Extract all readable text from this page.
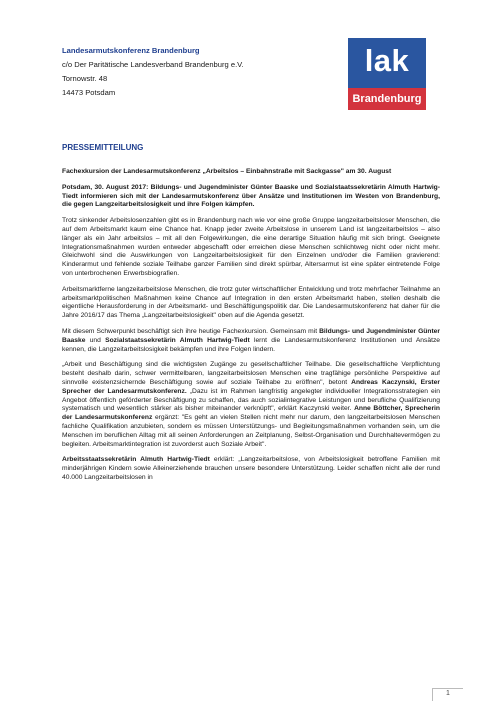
Landesarmutskonferenz Brandenburg
c/o Der Paritätische Landesverband Brandenburg e.V.
Tornowstr. 48
14473 Potsdam
lak
Brandenburg
PRESSEMITTEILUNG

Fachexkursion der Landesarmutskonferenz „Arbeitslos – Einbahnstraße mit Sackgasse" am 30. August

Potsdam, 30. August 2017: Bildungs- und Jugendminister Günter Baaske und Sozialstaatssekretärin Almuth Hartwig-Tiedt informieren sich mit der Landesarmutskonferenz über Ansätze und Institutionen im Westen von Brandenburg, die gegen Langzeitarbeitslosigkeit und ihre Folgen kämpfen.

Trotz sinkender Arbeitslosenzahlen gibt es in Brandenburg nach wie vor eine große Gruppe langzeitarbeitsloser Menschen, die auf dem Arbeitsmarkt kaum eine Chance hat. Knapp jeder zweite Arbeitslose in unserem Land ist langzeitarbeitslos – also länger als ein Jahr arbeitslos – mit all den Folgewirkungen, die eine derartige Situation häufig mit sich bringt. Geeignete Integrationsmaßnahmen wurden entweder abgeschafft oder erreichen diese Menschen schlichtweg nicht oder nicht mehr. Gleichwohl sind die Auswirkungen von Langzeitarbeitslosigkeit für den Einzelnen und/oder die Familien gravierend: Kinderarmut und fehlende soziale Teilhabe ganzer Familien sind direkt spürbar, Altersarmut ist eine später eintretende Folge von unterbrochenen Erwerbsbiografien.

Arbeitsmarktferne langzeitarbeitslose Menschen, die trotz guter wirtschaftlicher Entwicklung und trotz mehrfacher Teilnahme an arbeitsmarktpolitischen Maßnahmen keine Chance auf Integration in den ersten Arbeitsmarkt haben, stellen deshalb die eigentliche Herausforderung in der Arbeitsmarkt- und Beschäftigungspolitik dar. Die Landesarmutskonferenz hat daher für die Jahre 2016/17 das Thema „Langzeitarbeitslosigkeit" oben auf die Agenda gesetzt.

Mit diesem Schwerpunkt beschäftigt sich ihre heutige Fachexkursion. Gemeinsam mit Bildungs- und Jugendminister Günter Baaske und Sozialstaatssekretärin Almuth Hartwig-Tiedt lernt die Landesarmutskonferenz Institutionen und Ansätze kennen, die Langzeitarbeitslosigkeit bekämpfen und ihre Folgen lindern.

„Arbeit und Beschäftigung sind die wichtigsten Zugänge zu gesellschaftlicher Teilhabe. Die gesellschaftliche Verpflichtung besteht deshalb darin, schwer vermittelbaren, langzeitarbeitslosen Menschen eine tragfähige persönliche Perspektive auf sinnvolle existenzsichernde Beschäftigung sowie auf soziale Teilhabe zu eröffnen", betont Andreas Kaczynski, Erster Sprecher der Landesarmutskonferenz. „Dazu ist im Rahmen langfristig angelegter individueller Integrationsstrategien ein Angebot öffentlich geförderter Beschäftigung zu schaffen, das auch sozialintegrative Leistungen und berufliche Qualifizierung systematisch und wesentlich stärker als bisher miteinander verknüpft", erklärt Kaczynski weiter. Anne Böttcher, Sprecherin der Landesarmutskonferenz ergänzt: "Es geht an vielen Stellen nicht mehr nur darum, den langzeitarbeitslosen Menschen fachliche Qualifikation anzubieten, sondern es müssen Unterstützungs- und Begleitungsmaßnahmen vorhanden sein, um die Menschen im beruflichen Alltag mit all seinen Anforderungen an Zeitplanung, Selbst-Organisation und Durchhaltevermögen zu begleiten. Arbeitsmarktintegration ist zuvorderst auch Soziale Arbeit".

Arbeitsstaatssekretärin Almuth Hartwig-Tiedt erklärt: „Langzeitarbeitslose, von Arbeitslosigkeit betroffene Familien mit minderjährigen Kindern sowie Alleinerziehende brauchen unsere besondere Unterstützung. Leider schaffen nicht alle der rund 40.000 Langzeitarbeitslosen in

1
